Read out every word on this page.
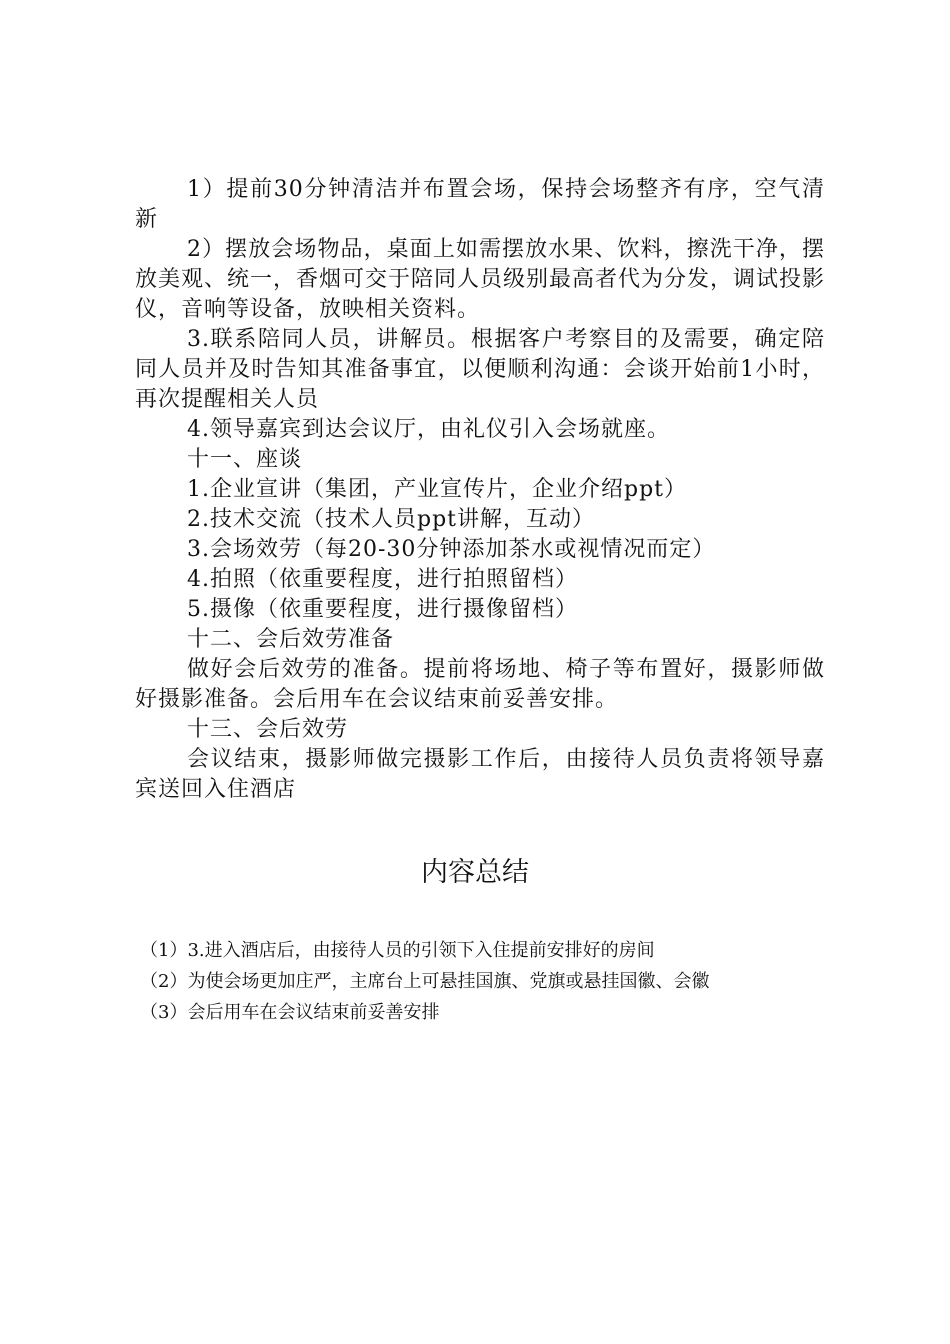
1）提前30分钟清洁并布置会场，保持会场整齐有序，空气清新

2）摆放会场物品，桌面上如需摆放水果、饮料，擦洗干净，摆放美观、统一，香烟可交于陪同人员级别最高者代为分发，调试投影仪，音响等设备，放映相关资料。

3.联系陪同人员，讲解员。根据客户考察目的及需要，确定陪同人员并及时告知其准备事宜，以便顺利沟通：会谈开始前1小时，再次提醒相关人员

4.领导嘉宾到达会议厅，由礼仪引入会场就座。

十一、座谈

1.企业宣讲（集团，产业宣传片，企业介绍ppt）

2.技术交流（技术人员ppt讲解，互动）

3.会场效劳（每20-30分钟添加茶水或视情况而定）

4.拍照（依重要程度，进行拍照留档）

5.摄像（依重要程度，进行摄像留档）

十二、会后效劳准备

做好会后效劳的准备。提前将场地、椅子等布置好，摄影师做好摄影准备。会后用车在会议结束前妥善安排。

十三、会后效劳

会议结束，摄影师做完摄影工作后，由接待人员负责将领导嘉宾送回入住酒店

内容总结
（1）3.进入酒店后，由接待人员的引领下入住提前安排好的房间
（2）为使会场更加庄严，主席台上可悬挂国旗、党旗或悬挂国徽、会徽
（3）会后用车在会议结束前妥善安排
